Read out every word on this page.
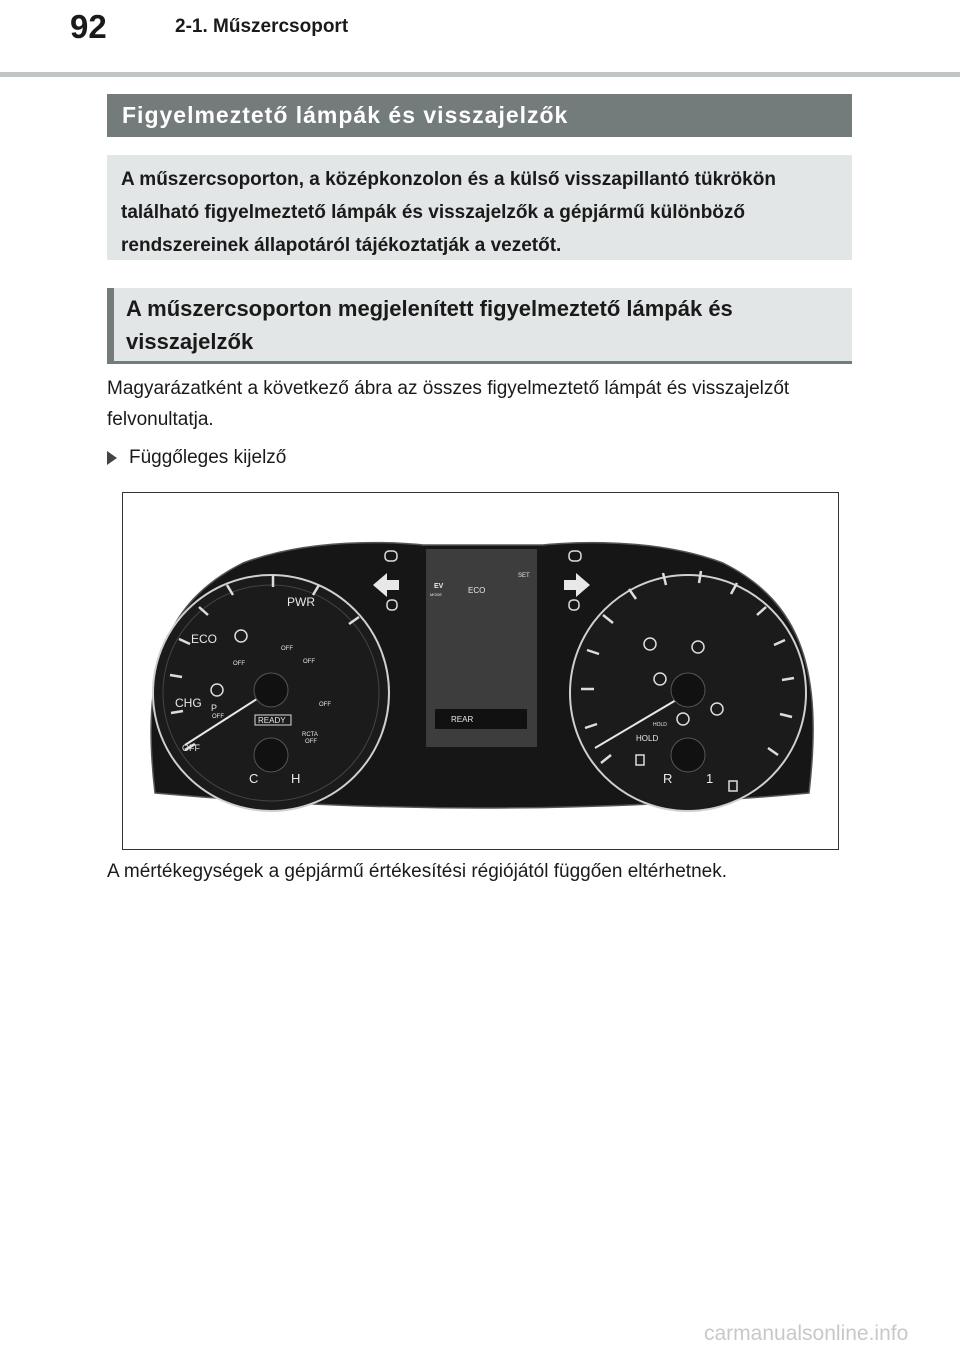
92	2-1. Műszercsoport
Figyelmeztető lámpák és visszajelzők
A műszercsoporton, a középkonzolon és a külső visszapillantó tükrökön található figyelmeztető lámpák és visszajelzők a gépjármű különböző rendszereinek állapotáról tájékoztatják a vezetőt.
A műszercsoporton megjelenített figyelmeztető lámpák és visszajelzők
Magyarázatként a következő ábra az összes figyelmeztető lámpát és visszajelzőt felvonultatja.
Függőleges kijelző
PWR
ECO
CHG
OFF
C	H
OFF
OFF
OFF
OFF
OFF
P
READY
RCTA
OFF
EV
MODE	ECO
SET
REAR
HOLD
HOLD
R	1
A mértékegységek a gépjármű értékesítési régiójától függően eltérhetnek.
carmanualsonline.info
